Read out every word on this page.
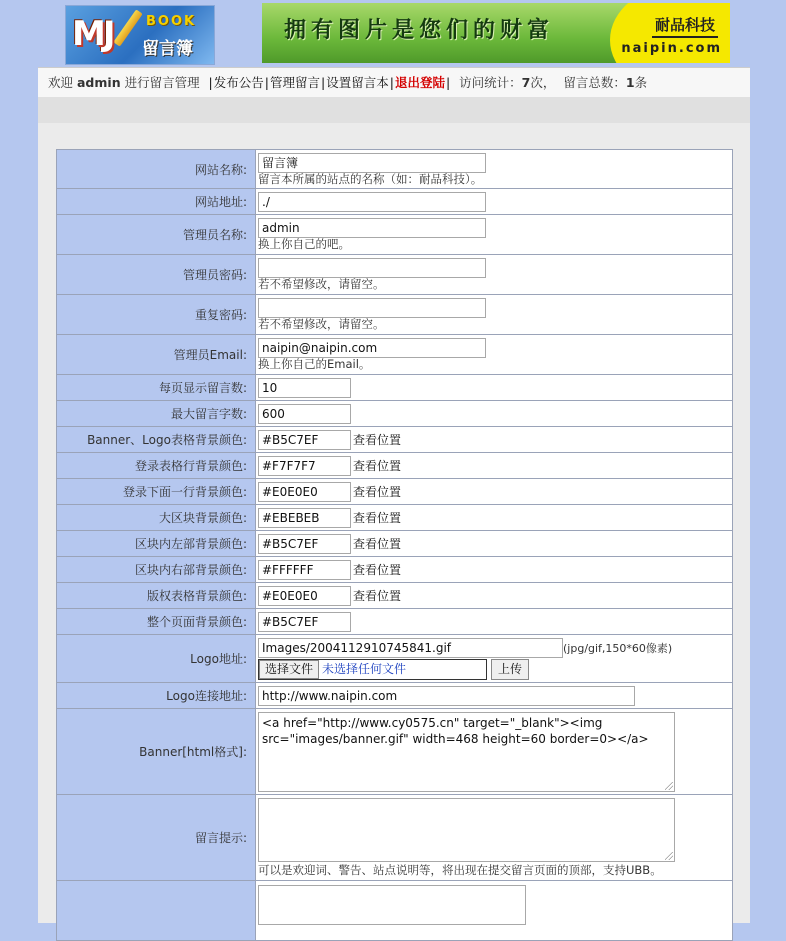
MJ	BOOK
留言簿
拥有图片是您们的财富	耐品科技
naipin.com
欢迎 admin 进行留言管理 |发布公告|管理留言|设置留言本|退出登陆| 访问统计：7次， 留言总数：1条
网站名称:	留言簿
留言本所属的站点的名称（如：耐品科技）。

网站地址:	./
管理员名称:	admin
换上你自己的吧。

管理员密码:	若不希望修改，请留空。

重复密码:	若不希望修改，请留空。

管理员Email:	naipin@naipin.com
换上你自己的Email。

每页显示留言数:	10
最大留言字数:	600
Banner、Logo表格背景颜色:	#B5C7EF 查看位置
登录表格行背景颜色:	#F7F7F7 查看位置
登录下面一行背景颜色:	#E0E0E0 查看位置
大区块背景颜色:	#EBEBEB 查看位置
区块内左部背景颜色:	#B5C7EF 查看位置
区块内右部背景颜色:	#FFFFFF 查看位置
版权表格背景颜色:	#E0E0E0 查看位置
整个页面背景颜色:	#B5C7EF
Logo地址:	Images/2004112910745841.gif (jpg/gif,150*60像素)
选择文件 未选择任何文件 上传

Logo连接地址:	http://www.naipin.com
Banner[html格式]:	<a href="http://www.cy0575.cn" target="_blank"><img src="images/banner.gif" width=468 height=60 border=0></a>

留言提示:	可以是欢迎词、警告、站点说明等，将出现在提交留言页面的顶部，支持UBB。
